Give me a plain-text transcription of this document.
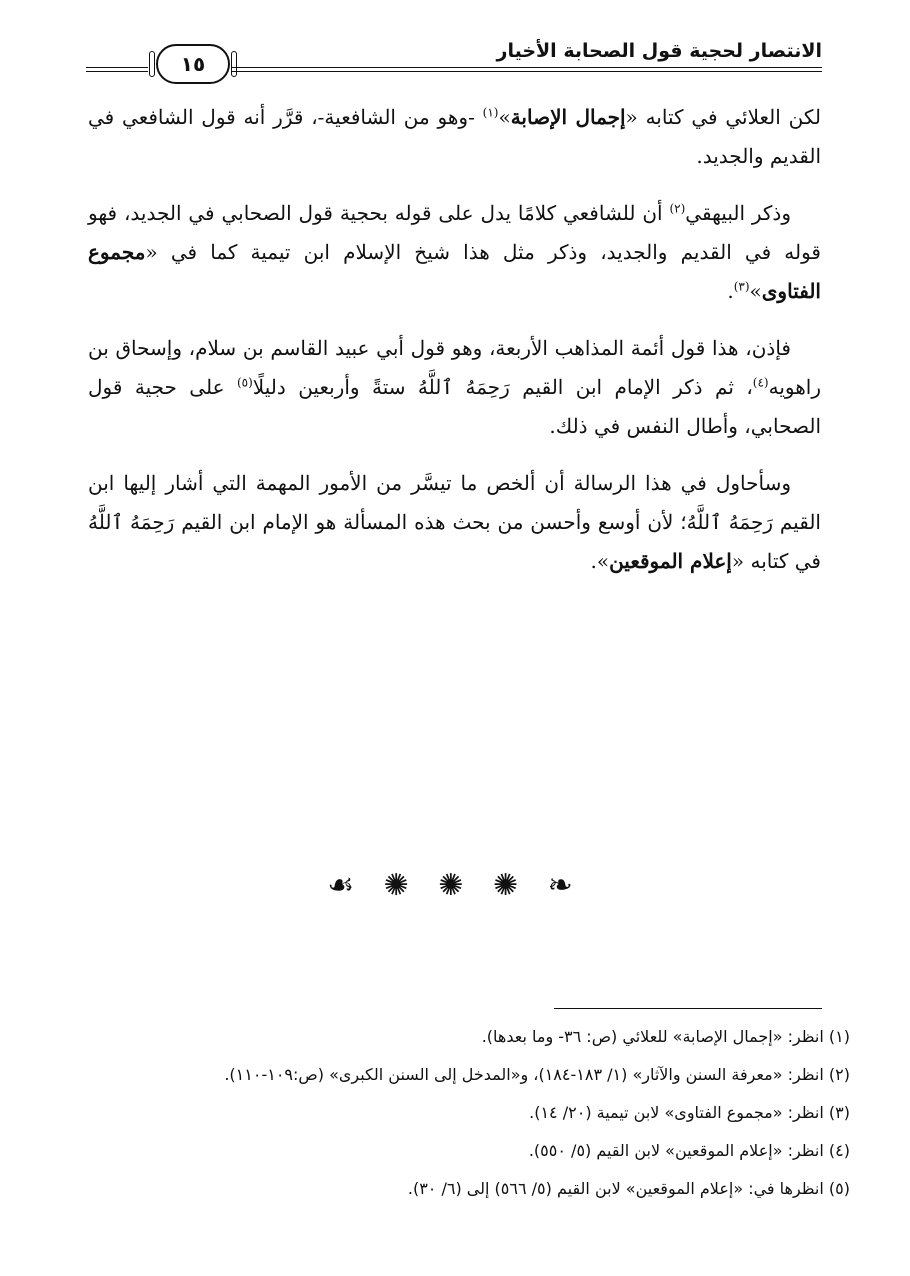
الانتصار لحجية قول الصحابة الأخيار
١٥

لكن العلائي في كتابه «إجمال الإصابة»$^{(١)}$ -وهو من الشافعية-، قرَّر أنه قول الشافعي في القديم والجديد.

وذكر البيهقي$^{(٢)}$ أن للشافعي كلامًا يدل على قوله بحجية قول الصحابي في الجديد، فهو قوله في القديم والجديد، وذكر مثل هذا شيخ الإسلام ابن تيمية كما في «مجموع الفتاوى»$^{(٣)}$.

فإذن، هذا قول أئمة المذاهب الأربعة، وهو قول أبي عبيد القاسم بن سلام، وإسحاق بن راهويه$^{(٤)}$، ثم ذكر الإمام ابن القيم رَحِمَهُ ٱللَّهُ ستةً وأربعين دليلًا$^{(٥)}$ على حجية قول الصحابي، وأطال النفس في ذلك.

وسأحاول في هذا الرسالة أن ألخص ما تيسَّر من الأمور المهمة التي أشار إليها ابن القيم رَحِمَهُ ٱللَّهُ؛ لأن أوسع وأحسن من بحث هذه المسألة هو الإمام ابن القيم رَحِمَهُ ٱللَّهُ في كتابه «إعلام الموقعين».

❧ ✺ ✺ ✺ ☙
(١) انظر: «إجمال الإصابة» للعلائي (ص: ٣٦- وما بعدها).
(٢) انظر: «معرفة السنن والآثار» (١/ ١٨٣-١٨٤)، و«المدخل إلى السنن الكبرى» (ص:١٠٩-١١٠).
(٣) انظر: «مجموع الفتاوى» لابن تيمية (٢٠/ ١٤).
(٤) انظر: «إعلام الموقعين» لابن القيم (٥/ ٥٥٠).
(٥) انظرها في: «إعلام الموقعين» لابن القيم (٥/ ٥٦٦) إلى (٦/ ٣٠).
